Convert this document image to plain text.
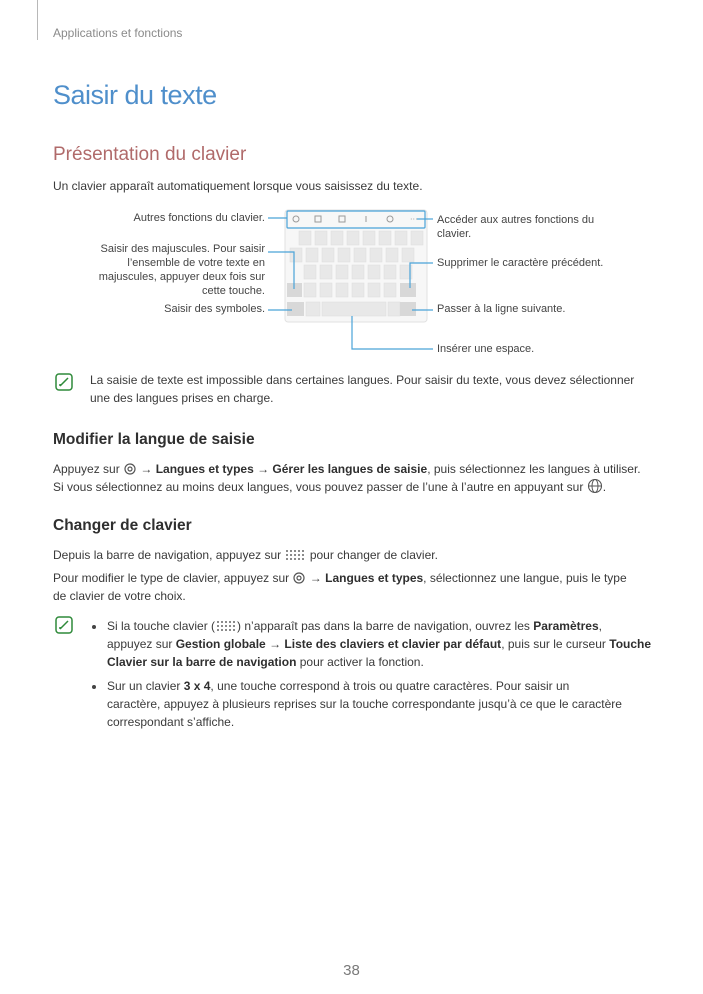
Applications et fonctions
Saisir du texte
Présentation du clavier
Un clavier apparaît automatiquement lorsque vous saisissez du texte.
···
Autres fonctions du clavier.
Saisir des majuscules. Pour saisir
l’ensemble de votre texte en
majuscules, appuyer deux fois sur
cette touche.
Saisir des symboles.
Accéder aux autres fonctions du
clavier.
Supprimer le caractère précédent.
Passer à la ligne suivante.
Insérer une espace.
La saisie de texte est impossible dans certaines langues. Pour saisir du texte, vous devez sélectionner
une des langues prises en charge.
Modifier la langue de saisie
Appuyez sur  → Langues et types → Gérer les langues de saisie, puis sélectionnez les langues à utiliser.
Si vous sélectionnez au moins deux langues, vous pouvez passer de l’une à l’autre en appuyant sur .
Changer de clavier
Depuis la barre de navigation, appuyez sur pour changer de clavier.
Pour modifier le type de clavier, appuyez sur  → Langues et types, sélectionnez une langue, puis le type
de clavier de votre choix.
Si la touche clavier ( ) n’apparaît pas dans la barre de navigation, ouvrez les Paramètres,
appuyez sur Gestion globale → Liste des claviers et clavier par défaut, puis sur le curseur Touche
Clavier sur la barre de navigation pour activer la fonction.
Sur un clavier 3 x 4, une touche correspond à trois ou quatre caractères. Pour saisir un
caractère, appuyez à plusieurs reprises sur la touche correspondante jusqu’à ce que le caractère
correspondant s’affiche.
38
